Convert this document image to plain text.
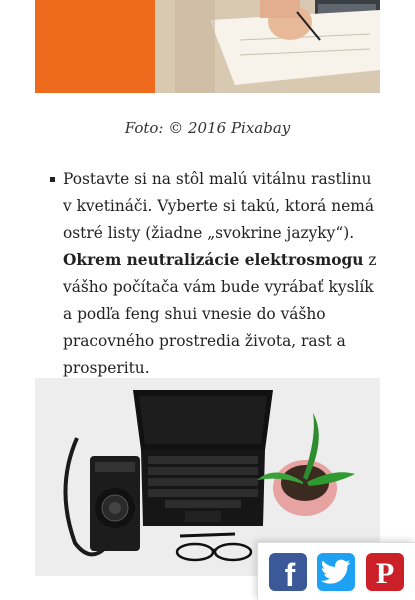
Foto: © 2016 Pixabay
Postavte si na stôl malú vitálnu rastlinu v kvetináči. Vyberte si takú, ktorá nemá ostré listy (žiadne „svokrine jazyky“). Okrem neutralizácie elektrosmogu z vášho počítača vám bude vyrábať kyslík a podľa feng shui vnesie do vášho pracovného prostredia života, rast a prosperitu.
f	P
